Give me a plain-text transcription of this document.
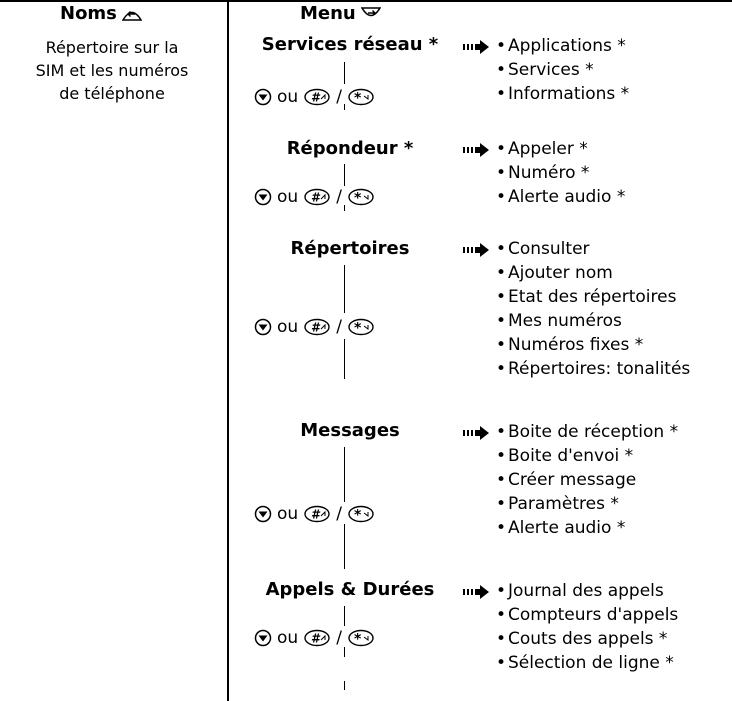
Noms	Menu
Répertoire sur la
SIM et les numéros
de téléphone
Services réseau *
ou # / *
• Applications *
• Services *
• Informations *
Répondeur *
ou # / *
• Appeler *
• Numéro *
• Alerte audio *
Répertoires
ou # / *
• Consulter
• Ajouter nom
• Etat des répertoires
• Mes numéros
• Numéros fixes *
• Répertoires: tonalités
Messages
ou # / *
• Boite de réception *
• Boite d'envoi *
• Créer message
• Paramètres *
• Alerte audio *
Appels & Durées
ou # / *
• Journal des appels
• Compteurs d'appels
• Couts des appels *
• Sélection de ligne *
